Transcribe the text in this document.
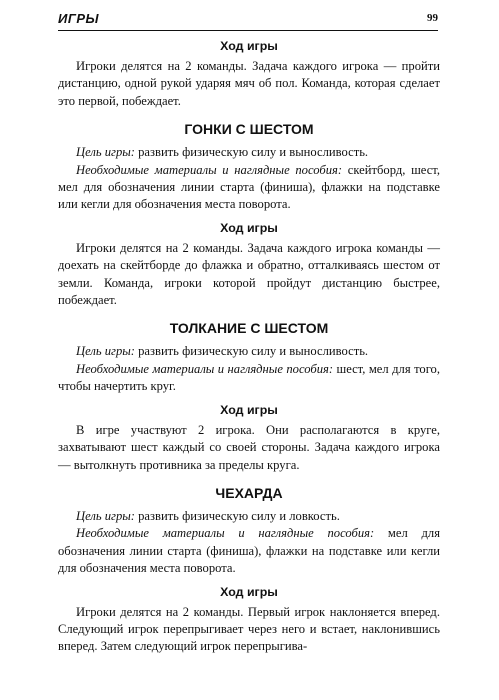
ИГРЫ	99
Ход игры

Игроки делятся на 2 команды. Задача каждого игрока — пройти дистанцию, одной рукой ударяя мяч об пол. Команда, которая сделает это первой, побеждает.

ГОНКИ С ШЕСТОМ

Цель игры: развить физическую силу и выносливость.

Необходимые материалы и наглядные пособия: скейтборд, шест, мел для обозначения линии старта (финиша), флажки на подставке или кегли для обозначения места поворота.

Ход игры

Игроки делятся на 2 команды. Задача каждого игрока команды — доехать на скейтборде до флажка и обратно, отталкиваясь шестом от земли. Команда, игроки которой пройдут дистанцию быстрее, побеждает.

ТОЛКАНИЕ С ШЕСТОМ

Цель игры: развить физическую силу и выносливость.

Необходимые материалы и наглядные пособия: шест, мел для того, чтобы начертить круг.

Ход игры

В игре участвуют 2 игрока. Они располагаются в круге, захватывают шест каждый со своей стороны. Задача каждого игрока — вытолкнуть противника за пределы круга.

ЧЕХАРДА

Цель игры: развить физическую силу и ловкость.

Необходимые материалы и наглядные пособия: мел для обозначения линии старта (финиша), флажки на подставке или кегли для обозначения места поворота.

Ход игры

Игроки делятся на 2 команды. Первый игрок наклоняется вперед. Следующий игрок перепрыгивает через него и встает, наклонившись вперед. Затем следующий игрок перепрыгива-
